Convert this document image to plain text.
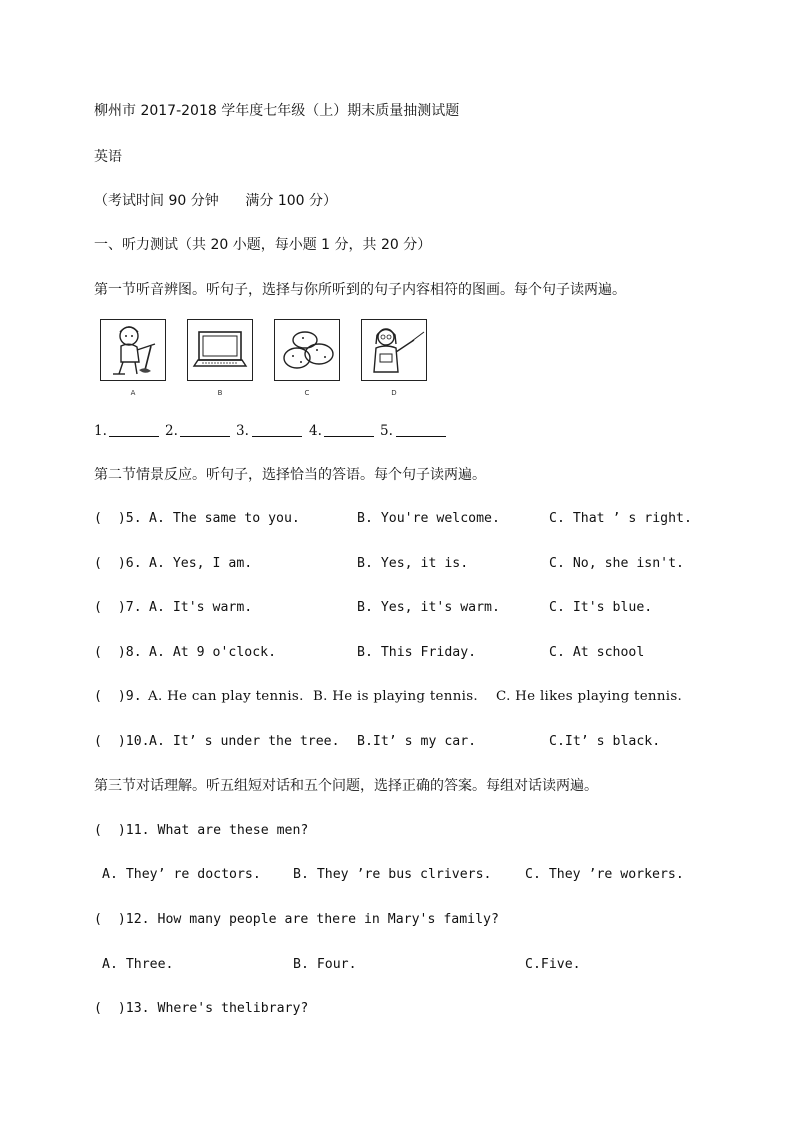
柳州市 2017-2018 学年度七年级（上）期末质量抽测试题
英语
（考试时间 90 分钟      满分 100 分）
一、听力测试（共 20 小题，每小题 1 分，共 20 分）
第一节听音辨图。听句子，选择与你所听到的句子内容相符的图画。每个句子读两遍。
A	B	C	D
1.	2.	3.	4.	5.
第二节情景反应。听句子，选择恰当的答语。每个句子读两遍。
(  )5. A. The same to you.	B. You're welcome.	C. That ’ s right.
(  )6. A. Yes, I am.	B. Yes, it is.	C. No, she isn't.
(  )7. A. It's warm.	B. Yes, it's warm.	C. It's blue.
(  )8. A. At 9 o'clock.	B. This Friday.	C. At school
(  )9. A. He can play tennis. B. He is playing tennis. C. He likes playing tennis.
(  )10. A. It’ s under the tree. B.It’ s my car.	C.It’ s black.
第三节对话理解。听五组短对话和五个问题，选择正确的答案。每组对话读两遍。
(  )11. What are these men?
A. They’ re doctors. B. They ’re bus clrivers.	C. They ’re workers.
(  )12. How many people are there in Mary's family?
A. Three.	B. Four.	C.Five.
(  )13. Where's thelibrary?
